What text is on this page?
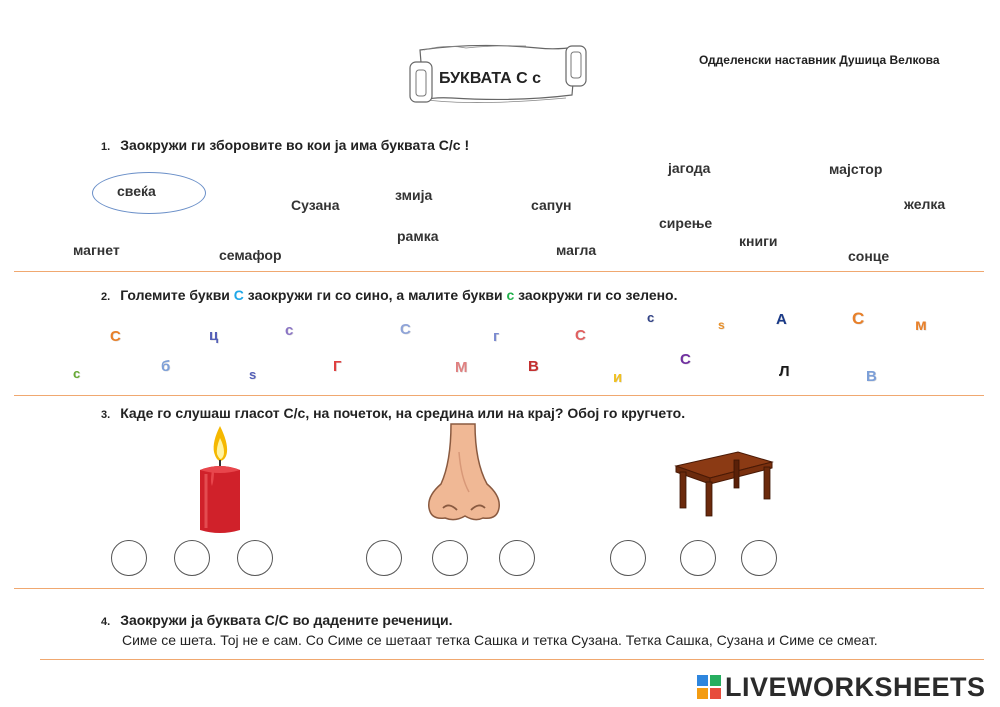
БУКВАТА С с
Одделенски наставник Душица Велкова
1. Заокружи ги зборовите во кои ја има буквата С/с !
свеќа
Сузана
змија
сапун
јагода	мајстор
желка
рамка
сирење
книги
магнет	семафор	магла	сонце
2. Големите букви С заокружи ги со сино, а малите букви с заокружи ги со зелено.
С	ц	с	С	г	С
с	ѕ	А	С	м
с	б	ѕ	Г	М	В
и
С
Л	В
3. Каде го слушаш гласот С/с, на почеток, на средина или на крај? Обој го кругчето.
4. Заокружи ја буквата С/С во дадените реченици.
Симе се шета. Тој не е сам. Со Симе се шетаат тетка Сашка и тетка Сузана. Тетка Сашка, Сузана и Симе се смеат.
LIVEWORKSHEETS
